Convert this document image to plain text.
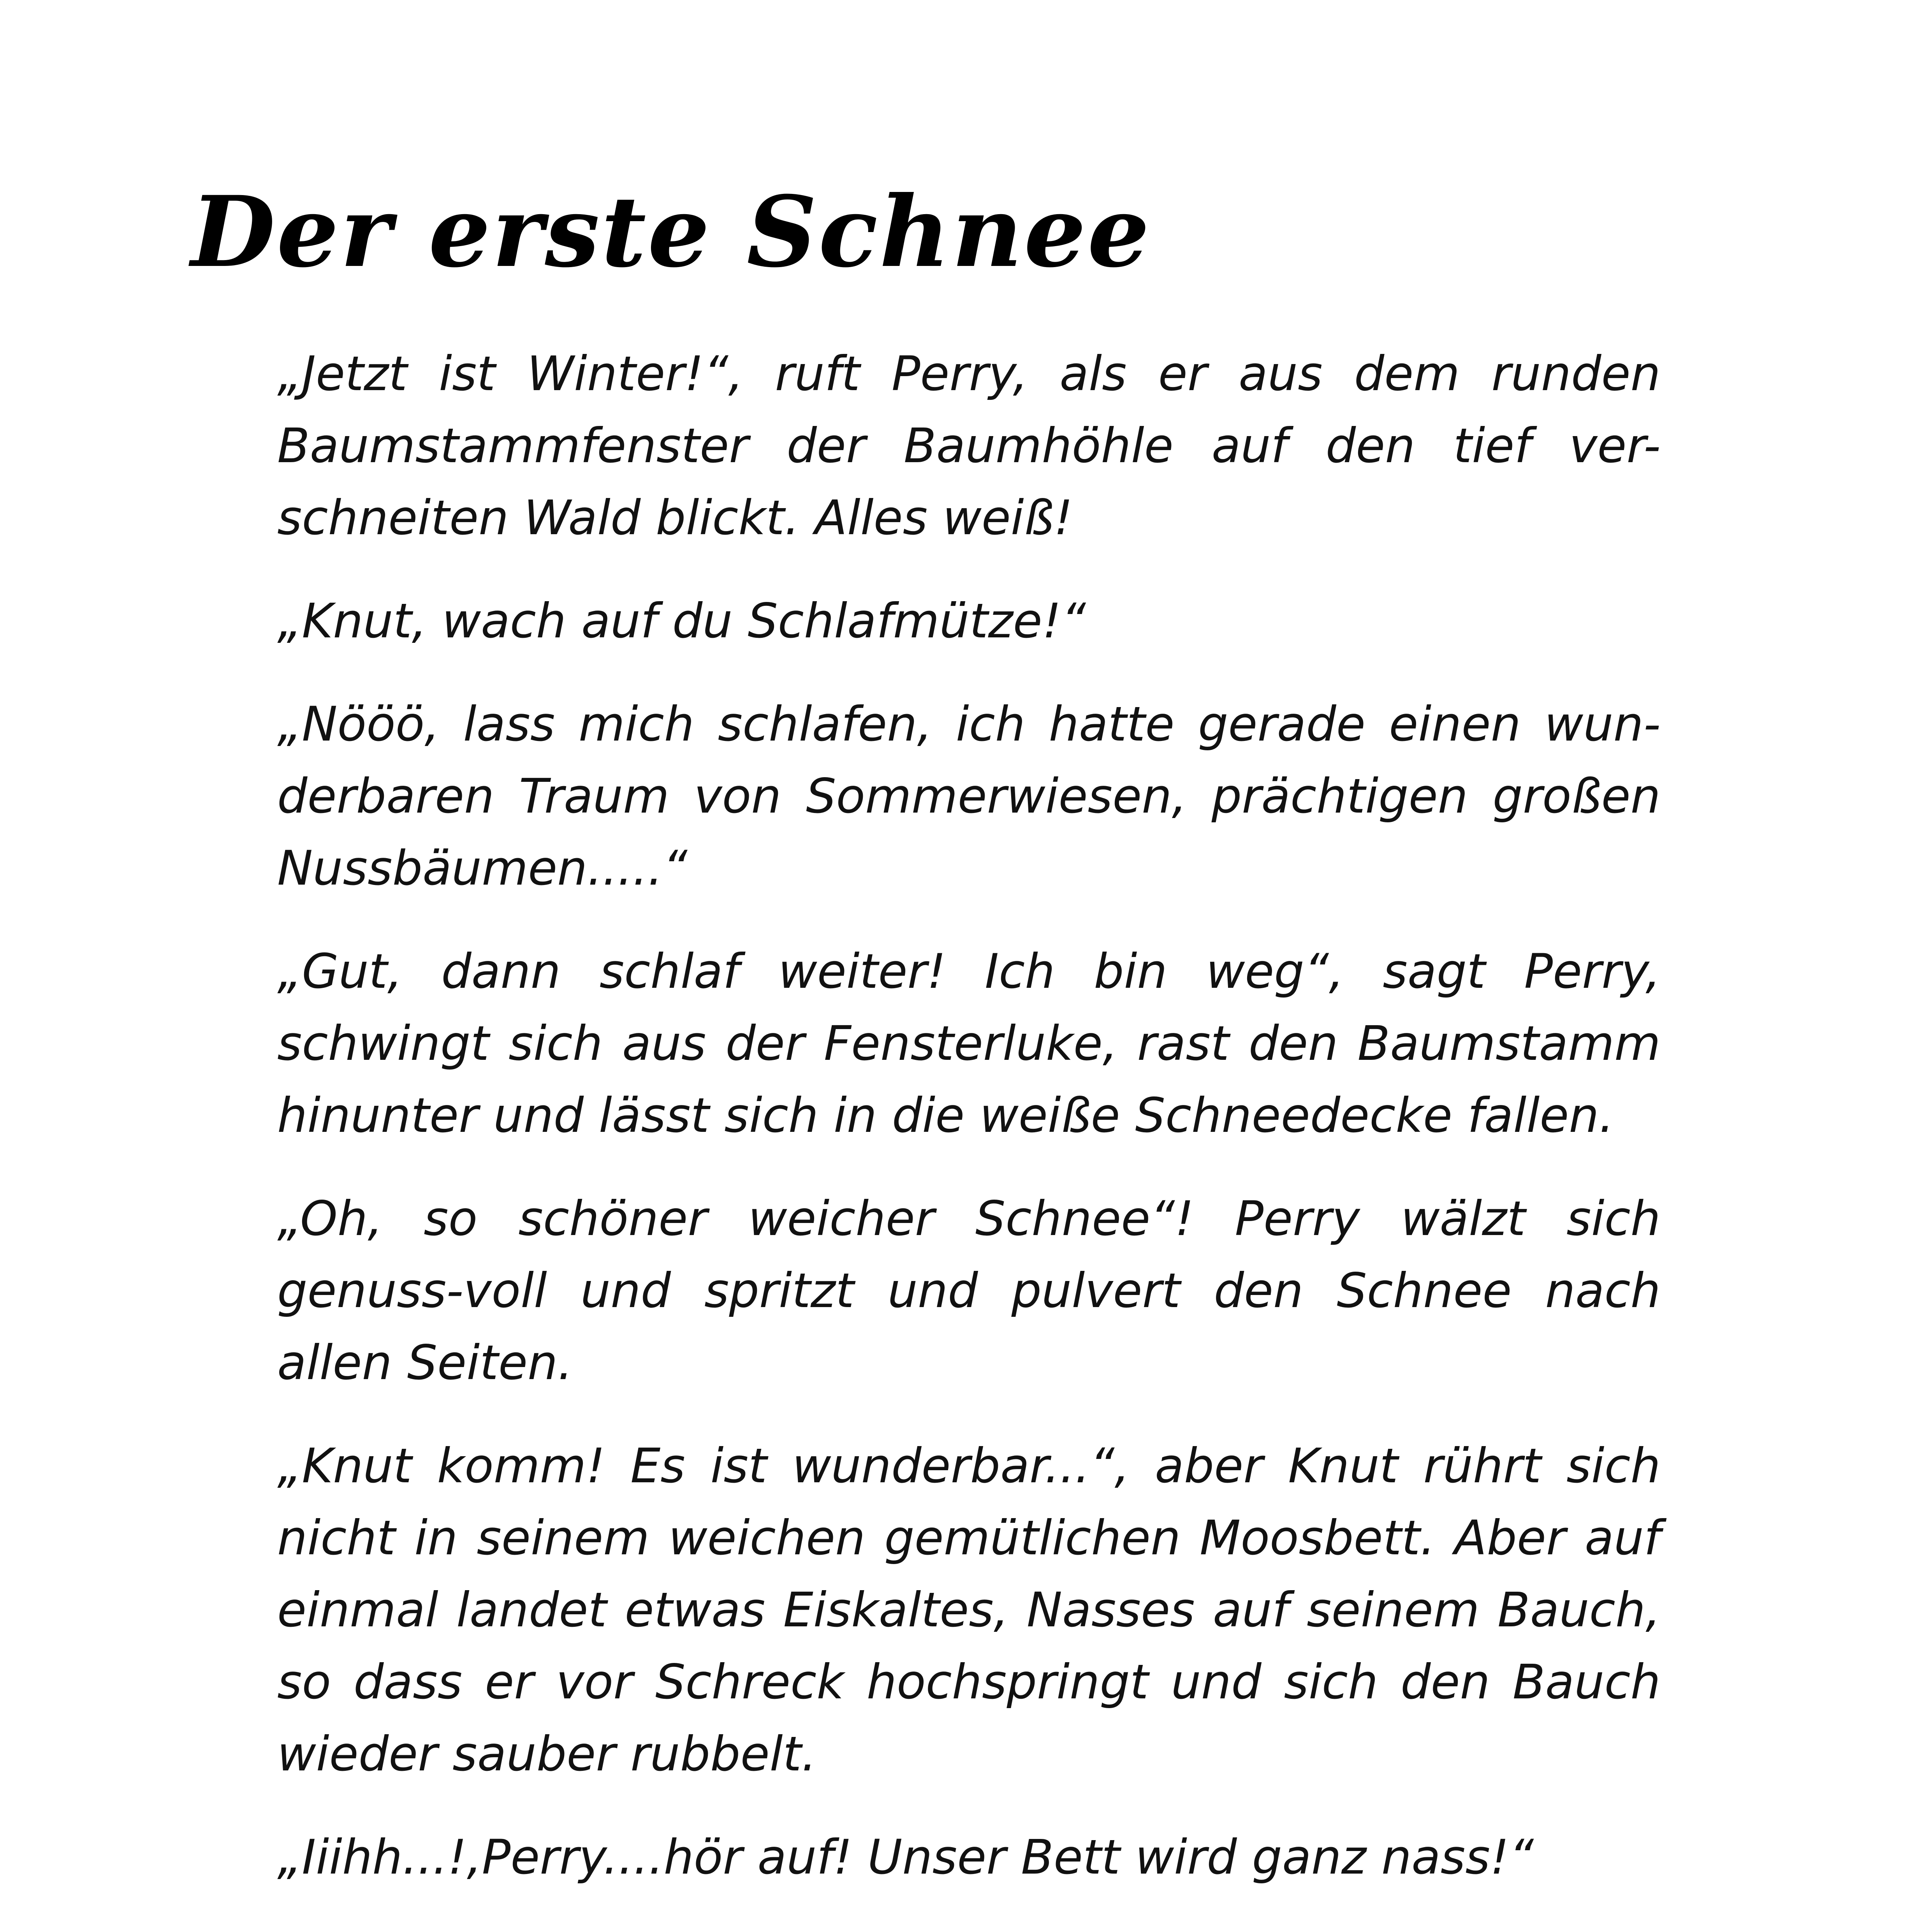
Der erste Schnee

„Jetzt ist Winter!“, ruft Perry, als er aus dem runden Baumstammfenster der Baumhöhle auf den tief ver-schneiten Wald blickt. Alles weiß!

„Knut, wach auf du Schlafmütze!“

„Nööö, lass mich schlafen, ich hatte gerade einen wun-derbaren Traum von Sommerwiesen, prächtigen großen Nussbäumen.....“

„Gut, dann schlaf weiter! Ich bin weg“, sagt Perry, schwingt sich aus der Fensterluke, rast den Baumstamm hinunter und lässt sich in die weiße Schneedecke fallen.

„Oh, so schöner weicher Schnee“! Perry wälzt sich genuss-voll und spritzt und pulvert den Schnee nach allen Seiten.

„Knut komm! Es ist wunderbar...“, aber Knut rührt sich nicht in seinem weichen gemütlichen Moosbett. Aber auf einmal landet etwas Eiskaltes, Nasses auf seinem Bauch, so dass er vor Schreck hochspringt und sich den Bauch wieder sauber rubbelt.

„Iiihh...!,Perry....hör auf! Unser Bett wird ganz nass!“
